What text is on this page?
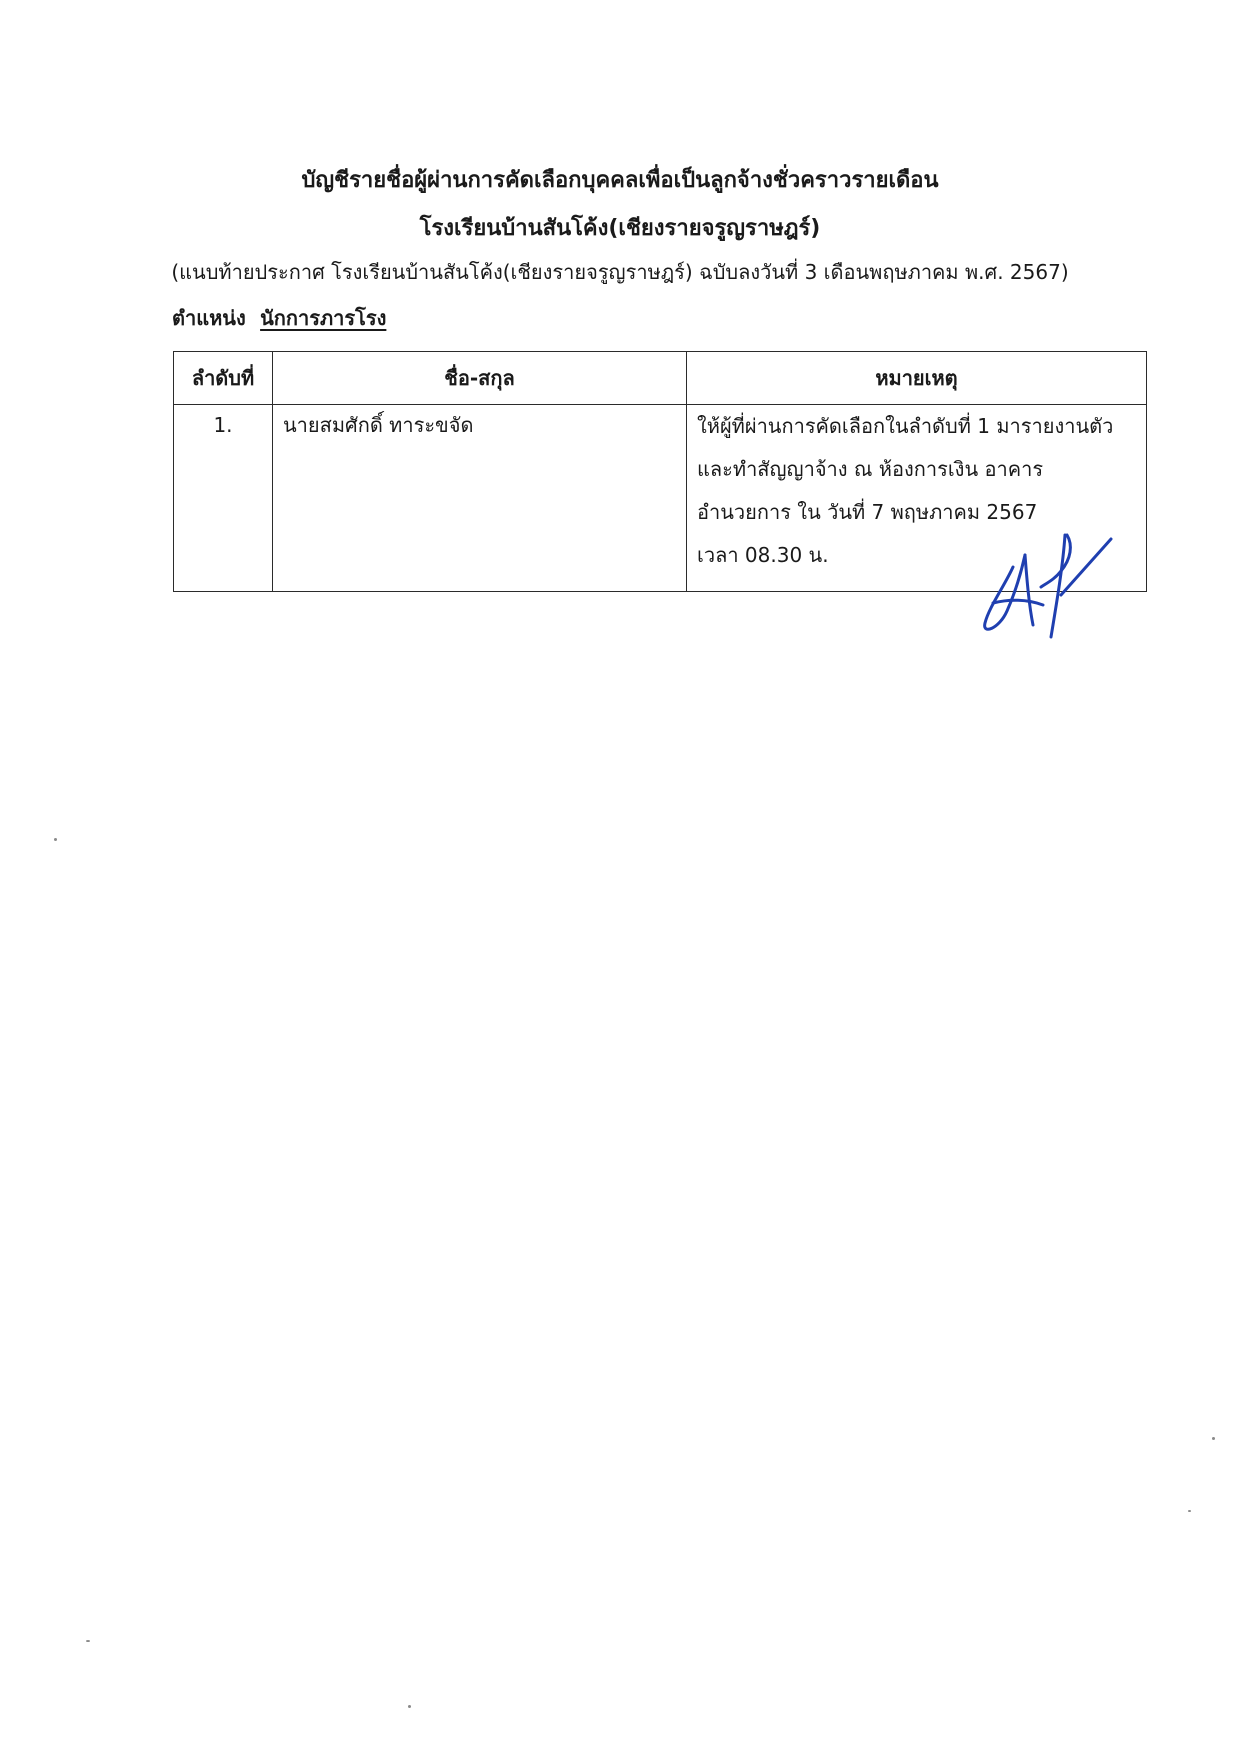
บัญชีรายชื่อผู้ผ่านการคัดเลือกบุคคลเพื่อเป็นลูกจ้างชั่วคราวรายเดือน
โรงเรียนบ้านสันโค้ง(เชียงรายจรูญราษฎร์)
(แนบท้ายประกาศ โรงเรียนบ้านสันโค้ง(เชียงรายจรูญราษฎร์) ฉบับลงวันที่ 3 เดือนพฤษภาคม พ.ศ. 2567)
ตำแหน่ง นักการภารโรง
ลำดับที่	ชื่อ-สกุล	หมายเหตุ
1.	นายสมศักดิ์ ทาระขจัด	ให้ผู้ที่ผ่านการคัดเลือกในลำดับที่ 1 มารายงานตัว
และทำสัญญาจ้าง ณ ห้องการเงิน อาคาร
อำนวยการ ใน วันที่ 7 พฤษภาคม 2567
เวลา 08.30 น.
